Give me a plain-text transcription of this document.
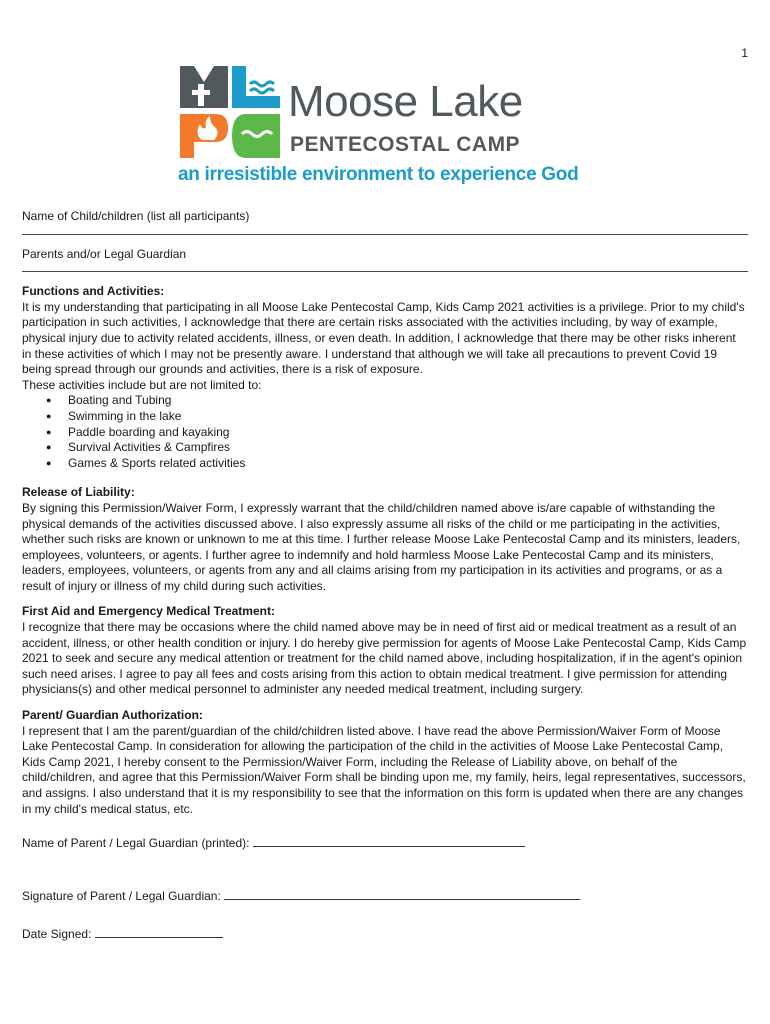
1
Moose Lake
PENTECOSTAL CAMP
an irresistible environment to experience God

Name of Child/children (list all participants)

Parents and/or Legal Guardian

Functions and Activities:

It is my understanding that participating in all Moose Lake Pentecostal Camp, Kids Camp 2021 activities is a privilege. Prior to my child's participation in such activities, I acknowledge that there are certain risks associated with the activities including, by way of example, physical injury due to activity related accidents, illness, or even death. In addition, I acknowledge that there may be other risks inherent in these activities of which I may not be presently aware. I understand that although we will take all precautions to prevent Covid 19 being spread through our grounds and activities, there is a risk of exposure.

These activities include but are not limited to:

● Boating and Tubing
● Swimming in the lake
● Paddle boarding and kayaking
● Survival Activities & Campfires
● Games & Sports related activities
Release of Liability:

By signing this Permission/Waiver Form, I expressly warrant that the child/children named above is/are capable of withstanding the physical demands of the activities discussed above. I also expressly assume all risks of the child or me participating in the activities, whether such risks are known or unknown to me at this time. I further release Moose Lake Pentecostal Camp and its ministers, leaders, employees, volunteers, or agents. I further agree to indemnify and hold harmless Moose Lake Pentecostal Camp and its ministers, leaders, employees, volunteers, or agents from any and all claims arising from my participation in its activities and programs, or as a result of injury or illness of my child during such activities.

First Aid and Emergency Medical Treatment:

I recognize that there may be occasions where the child named above may be in need of first aid or medical treatment as a result of an accident, illness, or other health condition or injury. I do hereby give permission for agents of Moose Lake Pentecostal Camp, Kids Camp 2021 to seek and secure any medical attention or treatment for the child named above, including hospitalization, if in the agent's opinion such need arises. I agree to pay all fees and costs arising from this action to obtain medical treatment. I give permission for attending physicians(s) and other medical personnel to administer any needed medical treatment, including surgery.

Parent/ Guardian Authorization:

I represent that I am the parent/guardian of the child/children listed above. I have read the above Permission/Waiver Form of Moose Lake Pentecostal Camp. In consideration for allowing the participation of the child in the activities of Moose Lake Pentecostal Camp, Kids Camp 2021, I hereby consent to the Permission/Waiver Form, including the Release of Liability above, on behalf of the child/children, and agree that this Permission/Waiver Form shall be binding upon me, my family, heirs, legal representatives, successors, and assigns. I also understand that it is my responsibility to see that the information on this form is updated when there are any changes in my child's medical status, etc.

Name of Parent / Legal Guardian (printed):
Signature of Parent / Legal Guardian:
Date Signed:
